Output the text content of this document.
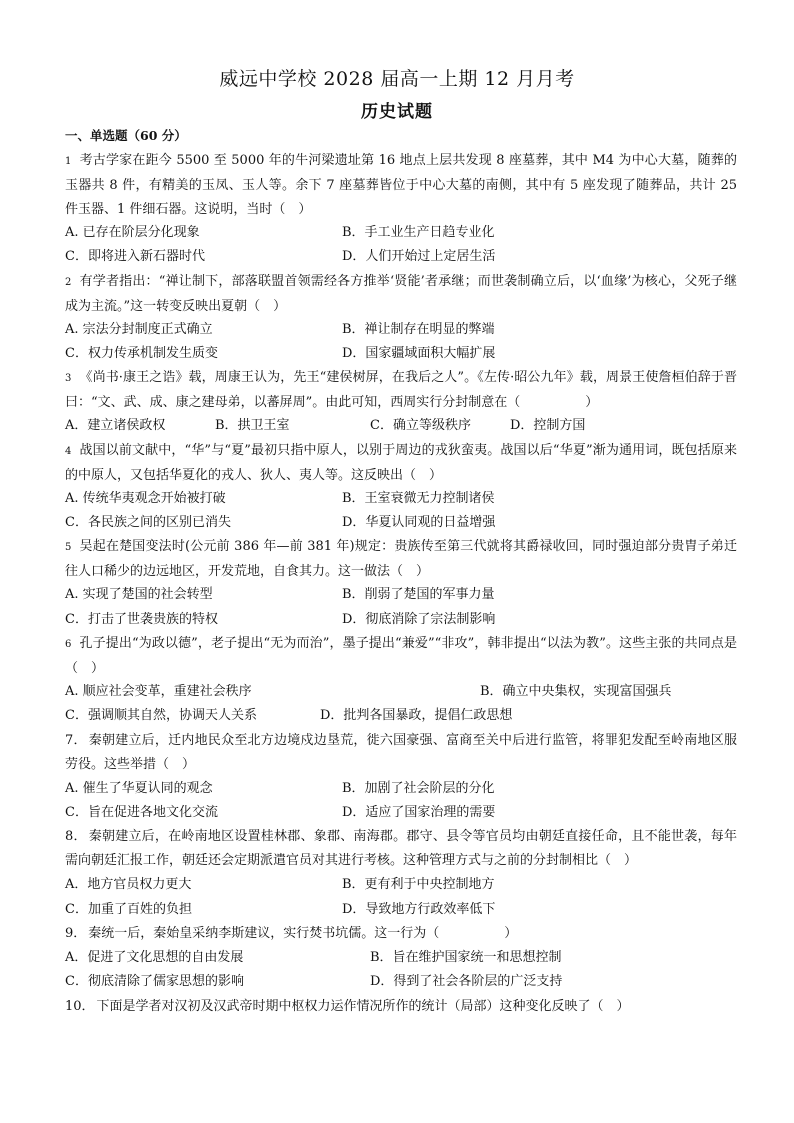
威远中学校 2028 届高一上期 12 月月考
历史试题
一、单选题（60 分）
1 考古学家在距今 5500 至 5000 年的牛河梁遗址第 16 地点上层共发现 8 座墓葬，其中 M4 为中心大墓，随葬的玉器共 8 件，有精美的玉凤、玉人等。余下 7 座墓葬皆位于中心大墓的南侧，其中有 5 座发现了随葬品，共计 25 件玉器、1 件细石器。这说明，当时（　）
A. 已存在阶层分化现象	B．手工业生产日趋专业化
C．即将进入新石器时代	D．人们开始过上定居生活
2 有学者指出：“禅让制下，部落联盟首领需经各方推举‘贤能’者承继；而世袭制确立后，以‘血缘’为核心，父死子继成为主流。”这一转变反映出夏朝（　）
A. 宗法分封制度正式确立	B．禅让制存在明显的弊端
C．权力传承机制发生质变	D．国家疆域面积大幅扩展
3 《尚书·康王之诰》载，周康王认为，先王“建侯树屏，在我后之人”。《左传·昭公九年》载，周景王使詹桓伯辞于晋曰：“文、武、成、康之建母弟，以蕃屏周”。由此可知，西周实行分封制意在（　　　　　）
A．建立诸侯政权	B．拱卫王室	C．确立等级秩序	D．控制方国
4 战国以前文献中，“华”与“夏”最初只指中原人，以别于周边的戎狄蛮夷。战国以后“华夏”渐为通用词，既包括原来的中原人，又包括华夏化的戎人、狄人、夷人等。这反映出（　）
A. 传统华夷观念开始被打破	B．王室衰微无力控制诸侯
C．各民族之间的区别已消失	D．华夏认同观的日益增强
5 吴起在楚国变法时(公元前 386 年—前 381 年)规定：贵族传至第三代就将其爵禄收回，同时强迫部分贵胄子弟迁往人口稀少的边远地区，开发荒地，自食其力。这一做法（　）
A. 实现了楚国的社会转型	B．削弱了楚国的军事力量
C．打击了世袭贵族的特权	D．彻底消除了宗法制影响
6 孔子提出“为政以德”，老子提出“无为而治”，墨子提出“兼爱”“非攻”，韩非提出“以法为教”。这些主张的共同点是（　）
A. 顺应社会变革，重建社会秩序	B．确立中央集权，实现富国强兵
C．强调顺其自然，协调天人关系	D．批判各国暴政，提倡仁政思想
7． 秦朝建立后，迁内地民众至北方边境戍边垦荒，徙六国豪强、富商至关中后进行监管，将罪犯发配至岭南地区服劳役。这些举措（　）
A. 催生了华夏认同的观念	B．加剧了社会阶层的分化
C．旨在促进各地文化交流	D．适应了国家治理的需要
8． 秦朝建立后，在岭南地区设置桂林郡、象郡、南海郡。郡守、县令等官员均由朝廷直接任命，且不能世袭，每年需向朝廷汇报工作，朝廷还会定期派遣官员对其进行考核。这种管理方式与之前的分封制相比（　）
A．地方官员权力更大	B．更有利于中央控制地方
C．加重了百姓的负担	D．导致地方行政效率低下
9． 秦统一后，秦始皇采纳李斯建议，实行焚书坑儒。这一行为（　　　　　）
A．促进了文化思想的自由发展	B．旨在维护国家统一和思想控制
C．彻底清除了儒家思想的影响	D．得到了社会各阶层的广泛支持
10． 下面是学者对汉初及汉武帝时期中枢权力运作情况所作的统计（局部）这种变化反映了（　）
